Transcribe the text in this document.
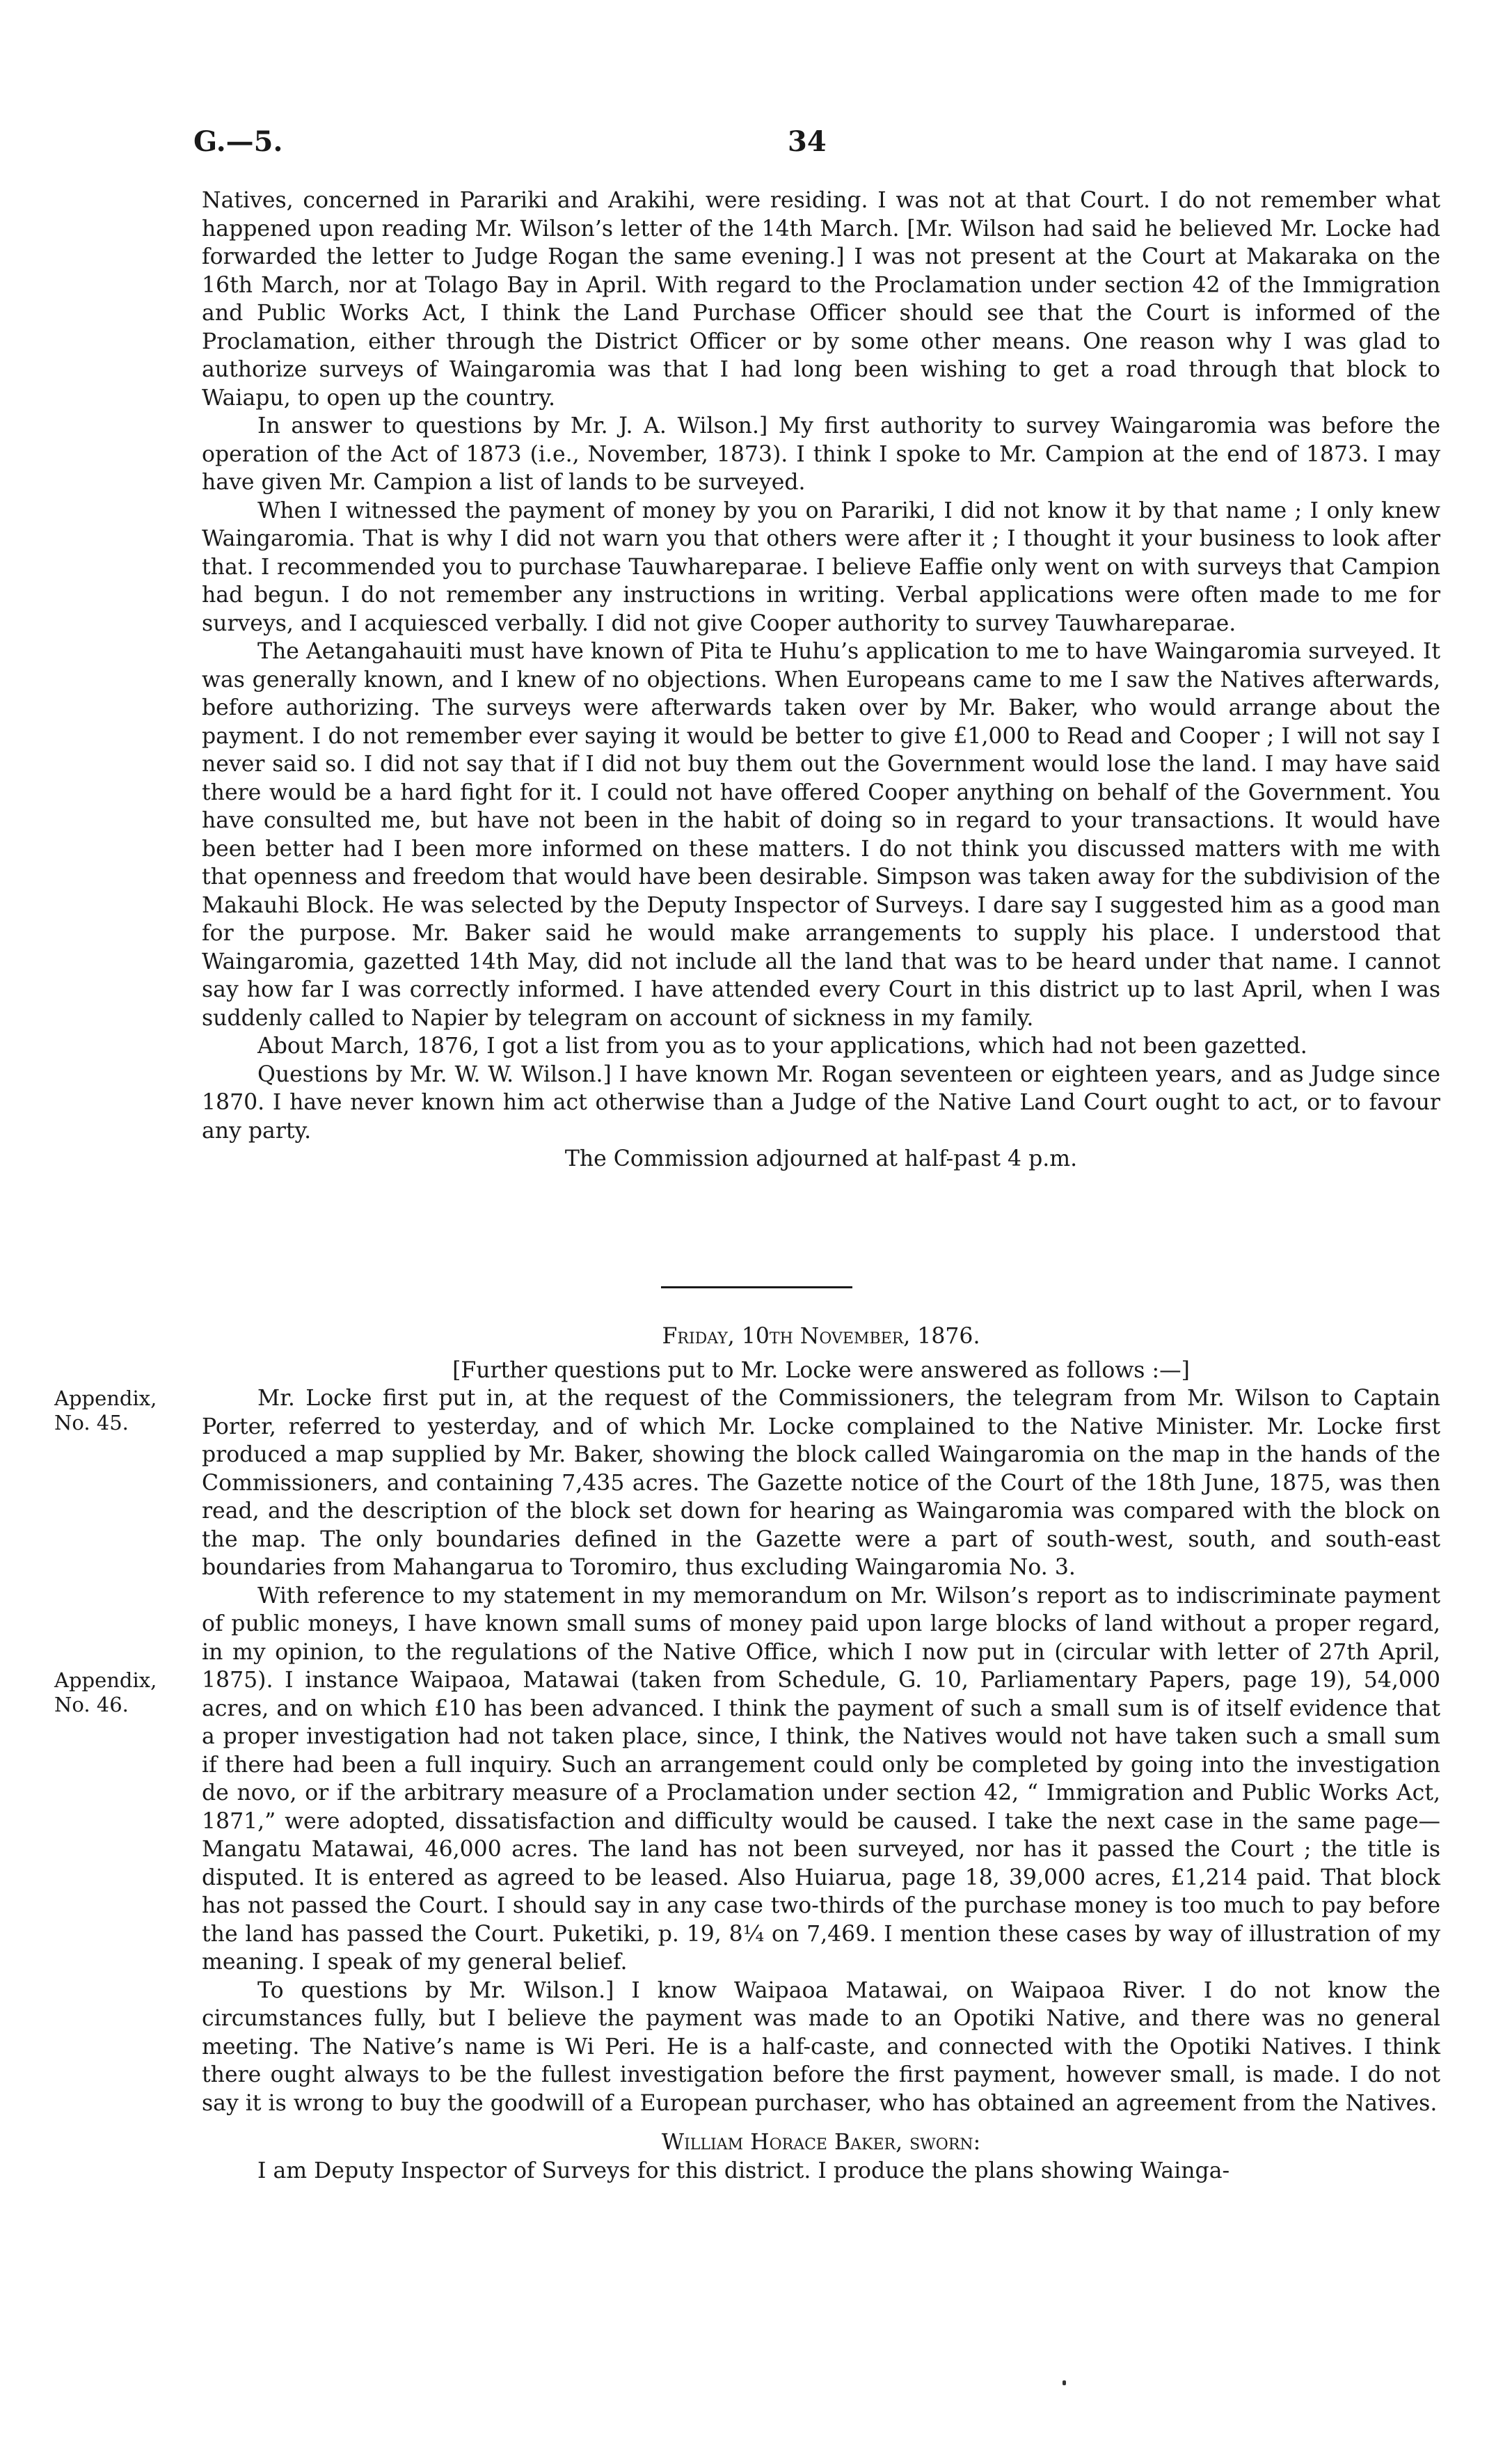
G.—5.	34

Natives, concerned in Parariki and Arakihi, were residing. I was not at that Court. I do not remember what happened upon reading Mr. Wilson’s letter of the 14th March. [Mr. Wilson had said he believed Mr. Locke had forwarded the letter to Judge Rogan the same evening.] I was not present at the Court at Makaraka on the 16th March, nor at Tolago Bay in April. With regard to the Proclamation under section 42 of the Immigration and Public Works Act, I think the Land Purchase Officer should see that the Court is informed of the Proclamation, either through the District Officer or by some other means. One reason why I was glad to authorize surveys of Waingaromia was that I had long been wishing to get a road through that block to Waiapu, to open up the country.

In answer to questions by Mr. J. A. Wilson.] My first authority to survey Waingaromia was before the operation of the Act of 1873 (i.e., November, 1873). I think I spoke to Mr. Campion at the end of 1873. I may have given Mr. Campion a list of lands to be surveyed.

When I witnessed the payment of money by you on Parariki, I did not know it by that name ; I only knew Waingaromia. That is why I did not warn you that others were after it ; I thought it your business to look after that. I recommended you to purchase Tauwhareparae. I believe Eaffie only went on with surveys that Campion had begun. I do not remember any instructions in writing. Verbal applications were often made to me for surveys, and I acquiesced verbally. I did not give Cooper authority to survey Tauwhareparae.

The Aetangahauiti must have known of Pita te Huhu’s application to me to have Waingaromia surveyed. It was generally known, and I knew of no objections. When Europeans came to me I saw the Natives afterwards, before authorizing. The surveys were afterwards taken over by Mr. Baker, who would arrange about the payment. I do not remember ever saying it would be better to give £1,000 to Read and Cooper ; I will not say I never said so. I did not say that if I did not buy them out the Government would lose the land. I may have said there would be a hard fight for it. I could not have offered Cooper anything on behalf of the Government. You have consulted me, but have not been in the habit of doing so in regard to your transactions. It would have been better had I been more informed on these matters. I do not think you discussed matters with me with that openness and freedom that would have been desirable. Simpson was taken away for the subdivision of the Makauhi Block. He was selected by the Deputy Inspector of Surveys. I dare say I suggested him as a good man for the purpose. Mr. Baker said he would make arrangements to supply his place. I understood that Waingaromia, gazetted 14th May, did not include all the land that was to be heard under that name. I cannot say how far I was correctly informed. I have attended every Court in this district up to last April, when I was suddenly called to Napier by telegram on account of sickness in my family.

About March, 1876, I got a list from you as to your applications, which had not been gazetted.

Questions by Mr. W. W. Wilson.] I have known Mr. Rogan seventeen or eighteen years, and as Judge since 1870. I have never known him act otherwise than a Judge of the Native Land Court ought to act, or to favour any party.

The Commission adjourned at half-past 4 p.m.

Friday, 10th November, 1876.

[Further questions put to Mr. Locke were answered as follows :—]

Mr. Locke first put in, at the request of the Commissioners, the telegram from Mr. Wilson to Captain Porter, referred to yesterday, and of which Mr. Locke complained to the Native Minister. Mr. Locke first produced a map supplied by Mr. Baker, showing the block called Waingaromia on the map in the hands of the Commissioners, and containing 7,435 acres. The Gazette notice of the Court of the 18th June, 1875, was then read, and the description of the block set down for hearing as Waingaromia was compared with the block on the map. The only boundaries defined in the Gazette were a part of south-west, south, and south-east boundaries from Mahangarua to Toromiro, thus excluding Waingaromia No. 3.

With reference to my statement in my memorandum on Mr. Wilson’s report as to indiscriminate payment of public moneys, I have known small sums of money paid upon large blocks of land without a proper regard, in my opinion, to the regulations of the Native Office, which I now put in (circular with letter of 27th April, 1875). I instance Waipaoa, Matawai (taken from Schedule, G. 10, Parliamentary Papers, page 19), 54,000 acres, and on which £10 has been advanced. I think the payment of such a small sum is of itself evidence that a proper investigation had not taken place, since, I think, the Natives would not have taken such a small sum if there had been a full inquiry. Such an arrangement could only be completed by going into the investigation de novo, or if the arbitrary measure of a Proclamation under section 42, “ Immigration and Public Works Act, 1871,” were adopted, dissatisfaction and difficulty would be caused. I take the next case in the same page—Mangatu Matawai, 46,000 acres. The land has not been surveyed, nor has it passed the Court ; the title is disputed. It is entered as agreed to be leased. Also Huiarua, page 18, 39,000 acres, £1,214 paid. That block has not passed the Court. I should say in any case two-thirds of the purchase money is too much to pay before the land has passed the Court. Puketiki, p. 19, 8¼ on 7,469. I mention these cases by way of illustration of my meaning. I speak of my general belief.

To questions by Mr. Wilson.] I know Waipaoa Matawai, on Waipaoa River. I do not know the circumstances fully, but I believe the payment was made to an Opotiki Native, and there was no general meeting. The Native’s name is Wi Peri. He is a half-caste, and connected with the Opotiki Natives. I think there ought always to be the fullest investigation before the first payment, however small, is made. I do not say it is wrong to buy the goodwill of a European purchaser, who has obtained an agreement from the Natives.

William Horace Baker, sworn:

I am Deputy Inspector of Surveys for this district. I produce the plans showing Wainga-

Appendix, No. 45.
Appendix, No. 46.
